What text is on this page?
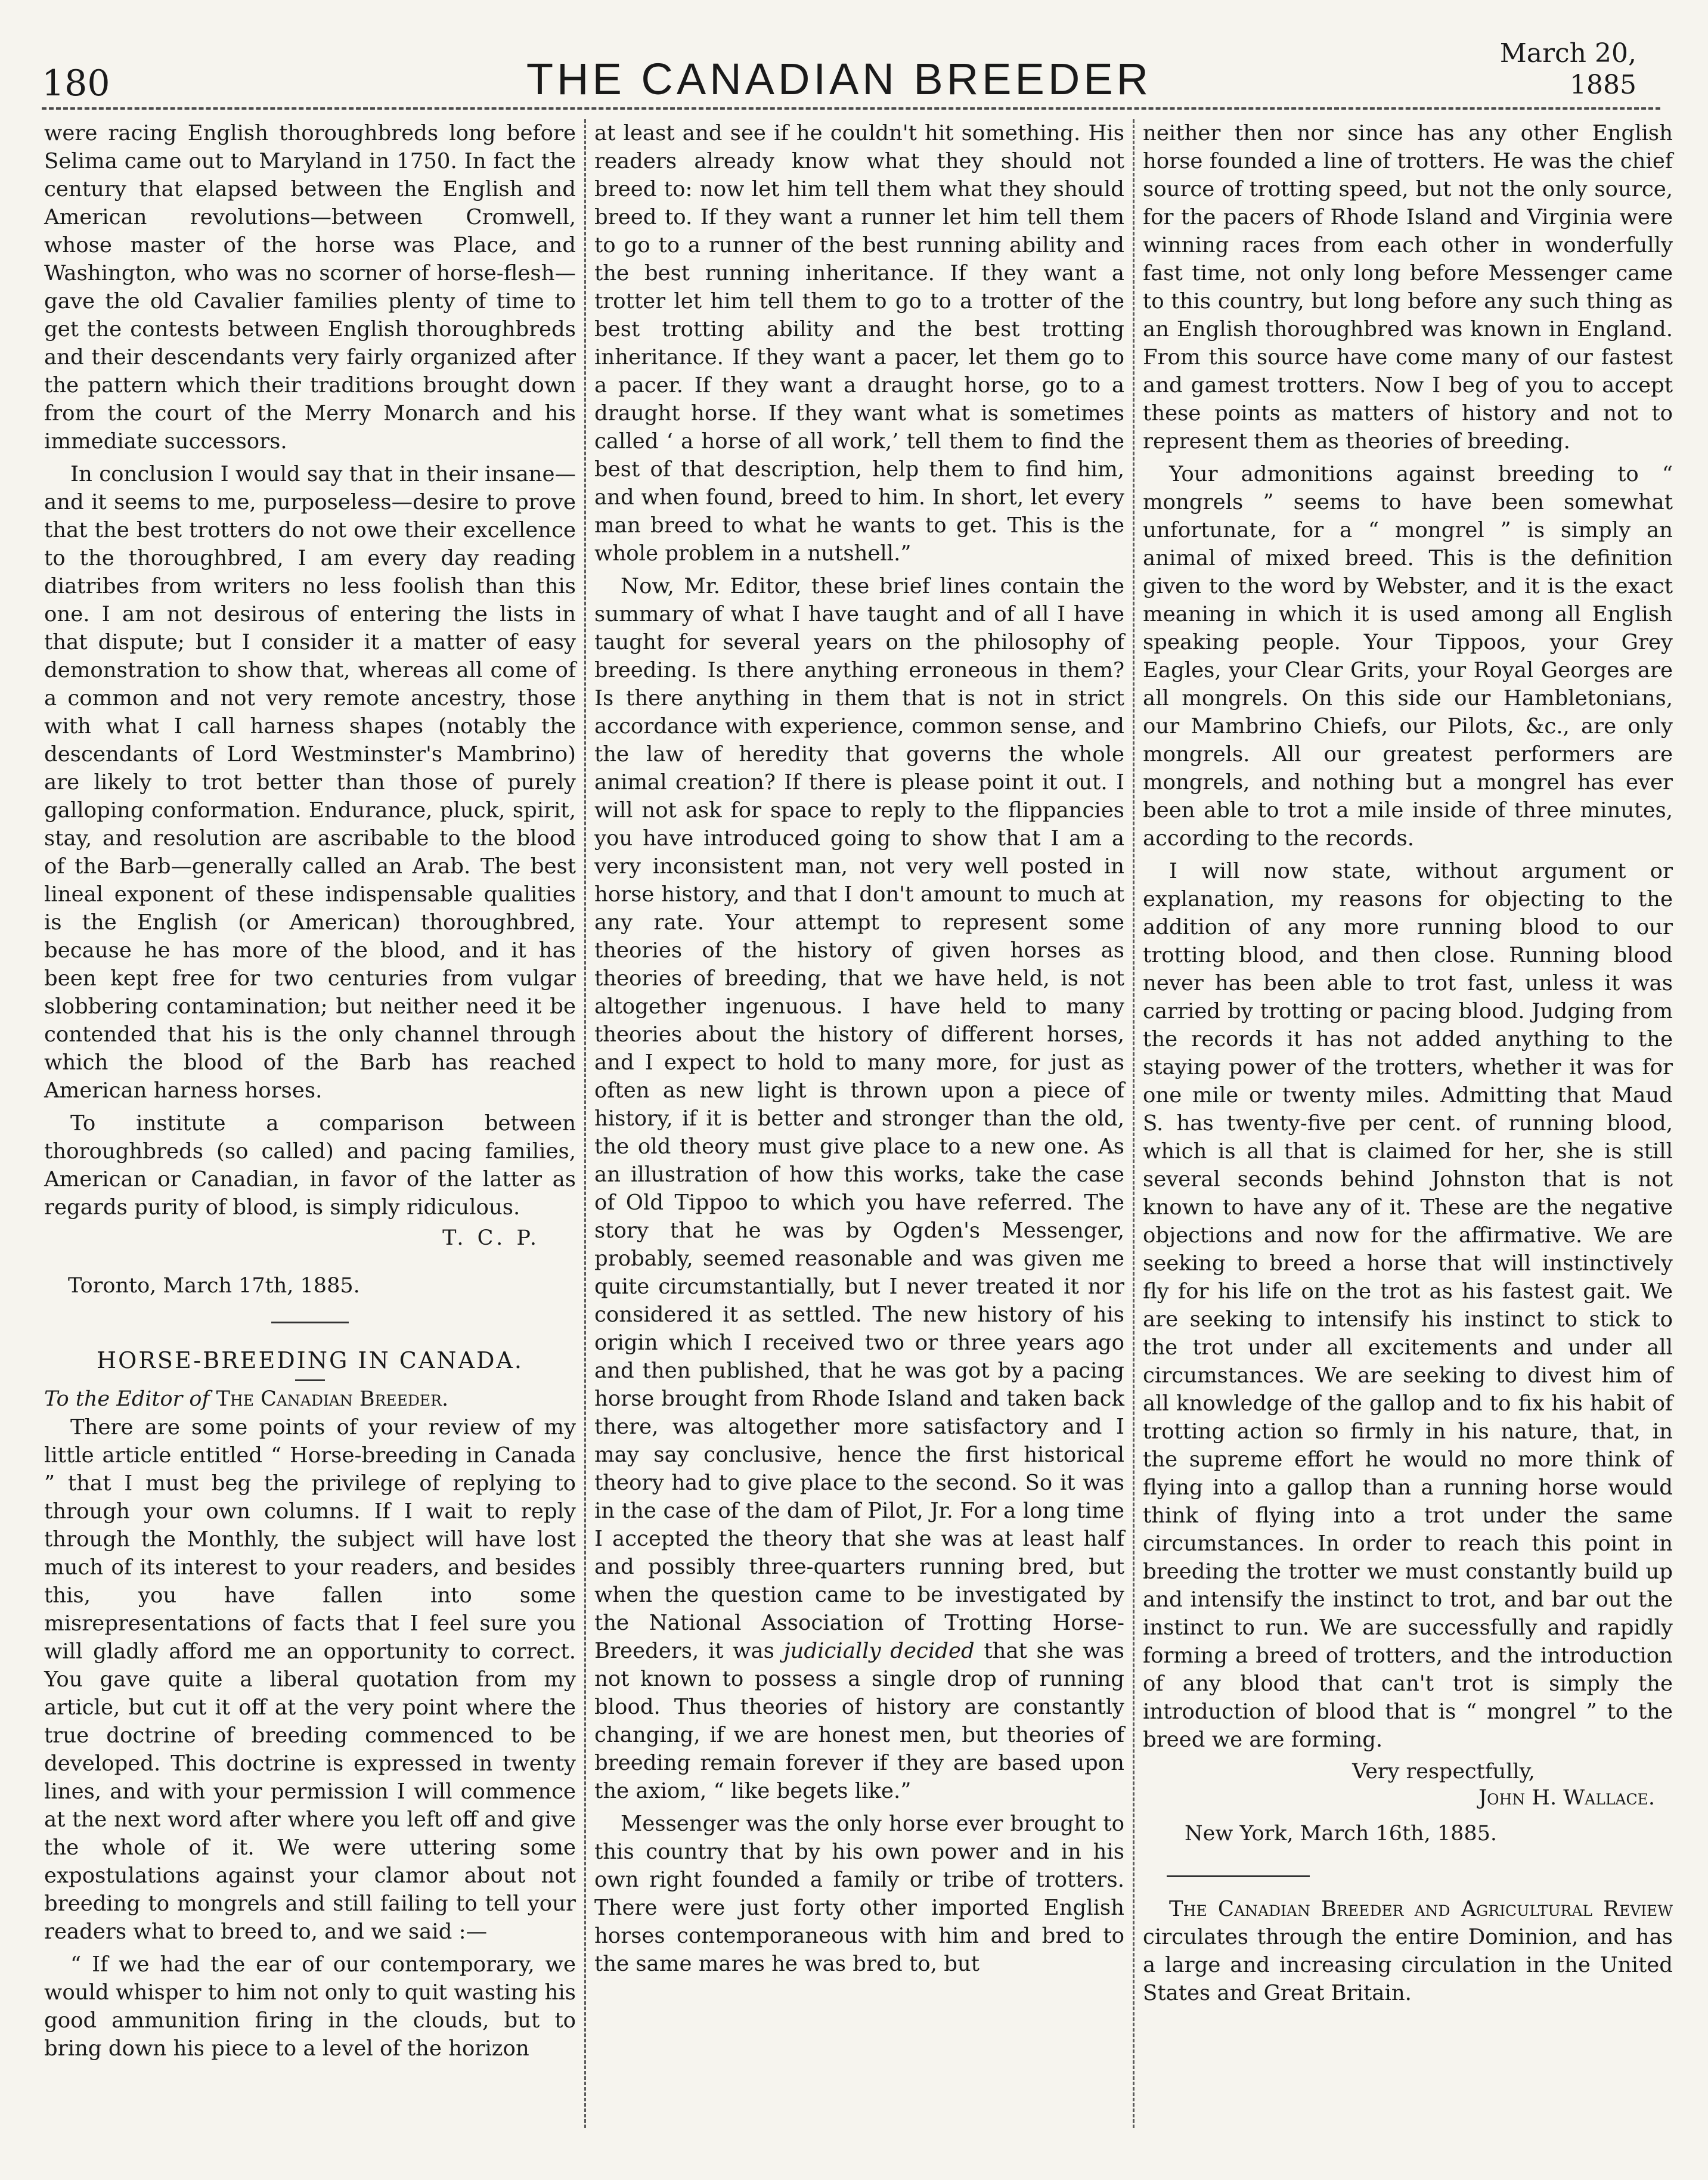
180	THE CANADIAN BREEDER
March 20, 1885

were racing English thoroughbreds long before Selima came out to Maryland in 1750. In fact the century that elapsed between the English and American revolutions—between Cromwell, whose master of the horse was Place, and Washington, who was no scorner of horse-flesh—gave the old Cavalier families plenty of time to get the contests between English thoroughbreds and their descendants very fairly organized after the pattern which their traditions brought down from the court of the Merry Monarch and his immediate successors.

In conclusion I would say that in their insane—and it seems to me, purposeless—desire to prove that the best trotters do not owe their excellence to the thoroughbred, I am every day reading diatribes from writers no less foolish than this one. I am not desirous of entering the lists in that dispute; but I consider it a matter of easy demonstration to show that, whereas all come of a common and not very remote ancestry, those with what I call harness shapes (notably the descendants of Lord Westminster's Mambrino) are likely to trot better than those of purely galloping conformation. Endurance, pluck, spirit, stay, and resolution are ascribable to the blood of the Barb—generally called an Arab. The best lineal exponent of these indispensable qualities is the English (or American) thoroughbred, because he has more of the blood, and it has been kept free for two centuries from vulgar slobbering contamination; but neither need it be contended that his is the only channel through which the blood of the Barb has reached American harness horses.

To institute a comparison between thoroughbreds (so called) and pacing families, American or Canadian, in favor of the latter as regards purity of blood, is simply ridiculous.

T. C. P.
Toronto, March 17th, 1885.
HORSE-BREEDING IN CANADA.
To the Editor of The Canadian Breeder.

There are some points of your review of my little article entitled “ Horse-breeding in Canada ” that I must beg the privilege of replying to through your own columns. If I wait to reply through the Monthly, the subject will have lost much of its interest to your readers, and besides this, you have fallen into some misrepresentations of facts that I feel sure you will gladly afford me an opportunity to correct. You gave quite a liberal quotation from my article, but cut it off at the very point where the true doctrine of breeding commenced to be developed. This doctrine is expressed in twenty lines, and with your permission I will commence at the next word after where you left off and give the whole of it. We were uttering some expostulations against your clamor about not breeding to mongrels and still failing to tell your readers what to breed to, and we said :—

“ If we had the ear of our contemporary, we would whisper to him not only to quit wasting his good ammunition firing in the clouds, but to bring down his piece to a level of the horizon

at least and see if he couldn't hit something. His readers already know what they should not breed to: now let him tell them what they should breed to. If they want a runner let him tell them to go to a runner of the best running ability and the best running inheritance. If they want a trotter let him tell them to go to a trotter of the best trotting ability and the best trotting inheritance. If they want a pacer, let them go to a pacer. If they want a draught horse, go to a draught horse. If they want what is sometimes called ‘ a horse of all work,’ tell them to find the best of that description, help them to find him, and when found, breed to him. In short, let every man breed to what he wants to get. This is the whole problem in a nutshell.”

Now, Mr. Editor, these brief lines contain the summary of what I have taught and of all I have taught for several years on the philosophy of breeding. Is there anything erroneous in them? Is there anything in them that is not in strict accordance with experience, common sense, and the law of heredity that governs the whole animal creation? If there is please point it out. I will not ask for space to reply to the flippancies you have introduced going to show that I am a very inconsistent man, not very well posted in horse history, and that I don't amount to much at any rate. Your attempt to represent some theories of the history of given horses as theories of breeding, that we have held, is not altogether ingenuous. I have held to many theories about the history of different horses, and I expect to hold to many more, for just as often as new light is thrown upon a piece of history, if it is better and stronger than the old, the old theory must give place to a new one. As an illustration of how this works, take the case of Old Tippoo to which you have referred. The story that he was by Ogden's Messenger, probably, seemed reasonable and was given me quite circumstantially, but I never treated it nor considered it as settled. The new history of his origin which I received two or three years ago and then published, that he was got by a pacing horse brought from Rhode Island and taken back there, was altogether more satisfactory and I may say conclusive, hence the first historical theory had to give place to the second. So it was in the case of the dam of Pilot, Jr. For a long time I accepted the theory that she was at least half and possibly three-quarters running bred, but when the question came to be investigated by the National Association of Trotting Horse-Breeders, it was judicially decided that she was not known to possess a single drop of running blood. Thus theories of history are constantly changing, if we are honest men, but theories of breeding remain forever if they are based upon the axiom, “ like begets like.”

Messenger was the only horse ever brought to this country that by his own power and in his own right founded a family or tribe of trotters. There were just forty other imported English horses contemporaneous with him and bred to the same mares he was bred to, but

neither then nor since has any other English horse founded a line of trotters. He was the chief source of trotting speed, but not the only source, for the pacers of Rhode Island and Virginia were winning races from each other in wonderfully fast time, not only long before Messenger came to this country, but long before any such thing as an English thoroughbred was known in England. From this source have come many of our fastest and gamest trotters. Now I beg of you to accept these points as matters of history and not to represent them as theories of breeding.

Your admonitions against breeding to “ mongrels ” seems to have been somewhat unfortunate, for a “ mongrel ” is simply an animal of mixed breed. This is the definition given to the word by Webster, and it is the exact meaning in which it is used among all English speaking people. Your Tippoos, your Grey Eagles, your Clear Grits, your Royal Georges are all mongrels. On this side our Hambletonians, our Mambrino Chiefs, our Pilots, &c., are only mongrels. All our greatest performers are mongrels, and nothing but a mongrel has ever been able to trot a mile inside of three minutes, according to the records.

I will now state, without argument or explanation, my reasons for objecting to the addition of any more running blood to our trotting blood, and then close. Running blood never has been able to trot fast, unless it was carried by trotting or pacing blood. Judging from the records it has not added anything to the staying power of the trotters, whether it was for one mile or twenty miles. Admitting that Maud S. has twenty-five per cent. of running blood, which is all that is claimed for her, she is still several seconds behind Johnston that is not known to have any of it. These are the negative objections and now for the affirmative. We are seeking to breed a horse that will instinctively fly for his life on the trot as his fastest gait. We are seeking to intensify his instinct to stick to the trot under all excitements and under all circumstances. We are seeking to divest him of all knowledge of the gallop and to fix his habit of trotting action so firmly in his nature, that, in the supreme effort he would no more think of flying into a gallop than a running horse would think of flying into a trot under the same circumstances. In order to reach this point in breeding the trotter we must constantly build up and intensify the instinct to trot, and bar out the instinct to run. We are successfully and rapidly forming a breed of trotters, and the introduction of any blood that can't trot is simply the introduction of blood that is “ mongrel ” to the breed we are forming.

Very respectfully,
John H. Wallace.
New York, March 16th, 1885.

The Canadian Breeder and Agricultural Review circulates through the entire Dominion, and has a large and increasing circulation in the United States and Great Britain.
